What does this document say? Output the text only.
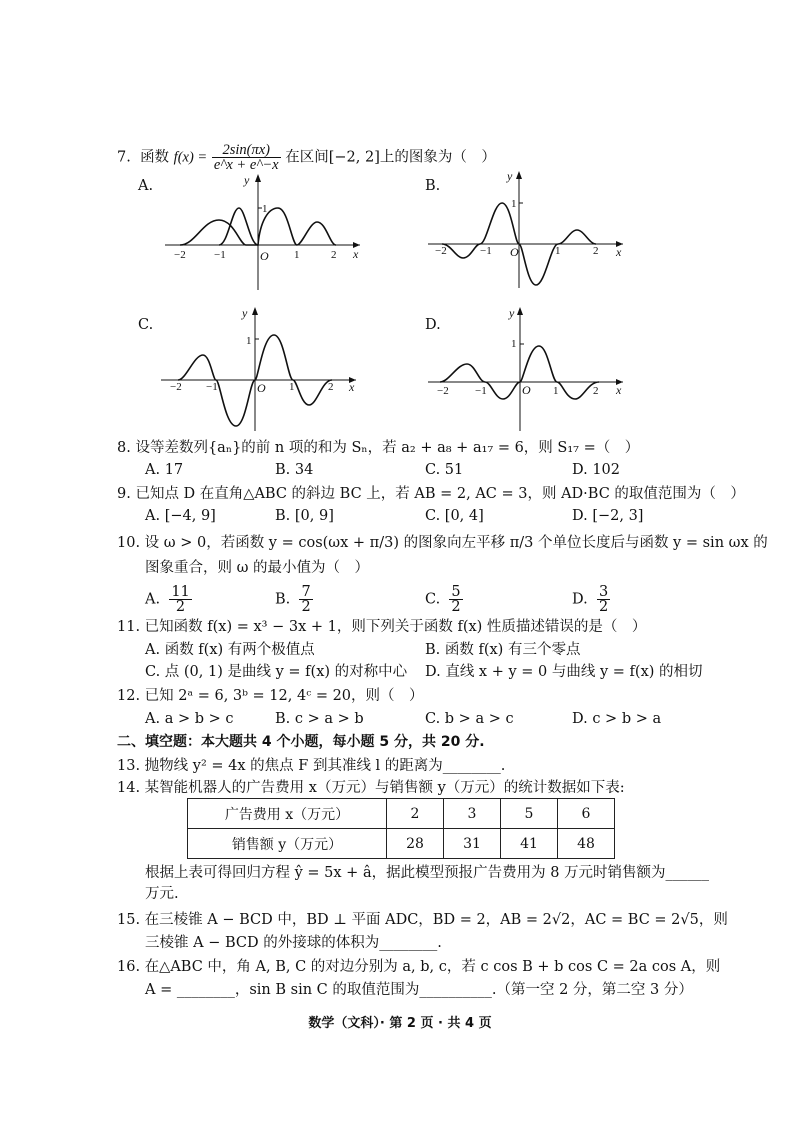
7. 函数 $f(x) = \frac{2\sin(\pi x)}{e\^{}x + e\^{}-x}$ 在区间[−2, 2]上的图象为（　）
A.	y
x
O
1
−2	−1	1	2
B.
y
x
O
1
−2	−1	1	2
C.
y
x
O
1
−2 −1	1	2
D.
y
x
O
1
−2 −1	1	2
8. 设等差数列{aₙ}的前 n 项的和为 Sₙ，若 a₂ + a₈ + a₁₇ = 6，则 S₁₇ =（　）
A. 17	B. 34	C. 51	D. 102
9. 已知点 D 在直角△ABC 的斜边 BC 上，若 AB = 2, AC = 3，则 AD·BC 的取值范围为（　）
A. [−4, 9]	B. [0, 9]	C. [0, 4]	D. [−2, 3]
10. 设 ω > 0，若函数 y = cos(ωx + π/3) 的图象向左平移 π/3 个单位长度后与函数 y = sin ωx 的
图象重合，则 ω 的最小值为（　）
A. $\frac{11}{2}$	B. $\frac{7}{2}$	C. $\frac{5}{2}$	D. $\frac{3}{2}$
11. 已知函数 f(x) = x³ − 3x + 1，则下列关于函数 f(x) 性质描述错误的是（　）
A. 函数 f(x) 有两个极值点	B. 函数 f(x) 有三个零点
C. 点 (0, 1) 是曲线 y = f(x) 的对称中心 D. 直线 x + y = 0 与曲线 y = f(x) 的相切
12. 已知 2ᵃ = 6, 3ᵇ = 12, 4ᶜ = 20，则（　）
A. a > b > c	B. c > a > b	C. b > a > c	D. c > b > a
二、填空题：本大题共 4 个小题，每小题 5 分，共 20 分.
13. 抛物线 y² = 4x 的焦点 F 到其准线 l 的距离为________.
14. 某智能机器人的广告费用 x（万元）与销售额 y（万元）的统计数据如下表:
广告费用 x（万元）	2	3	5	6
销售额 y（万元）	28	31	41	48
根据上表可得回归方程 ŷ = 5x + â，据此模型预报广告费用为 8 万元时销售额为______
万元.
15. 在三棱锥 A − BCD 中，BD ⊥ 平面 ADC，BD = 2，AB = 2√2，AC = BC = 2√5，则
三棱锥 A − BCD 的外接球的体积为________.
16. 在△ABC 中，角 A, B, C 的对边分别为 a, b, c，若 c cos B + b cos C = 2a cos A，则
A = ________，sin B sin C 的取值范围为__________.（第一空 2 分，第二空 3 分）
数学（文科）· 第 2 页 · 共 4 页
